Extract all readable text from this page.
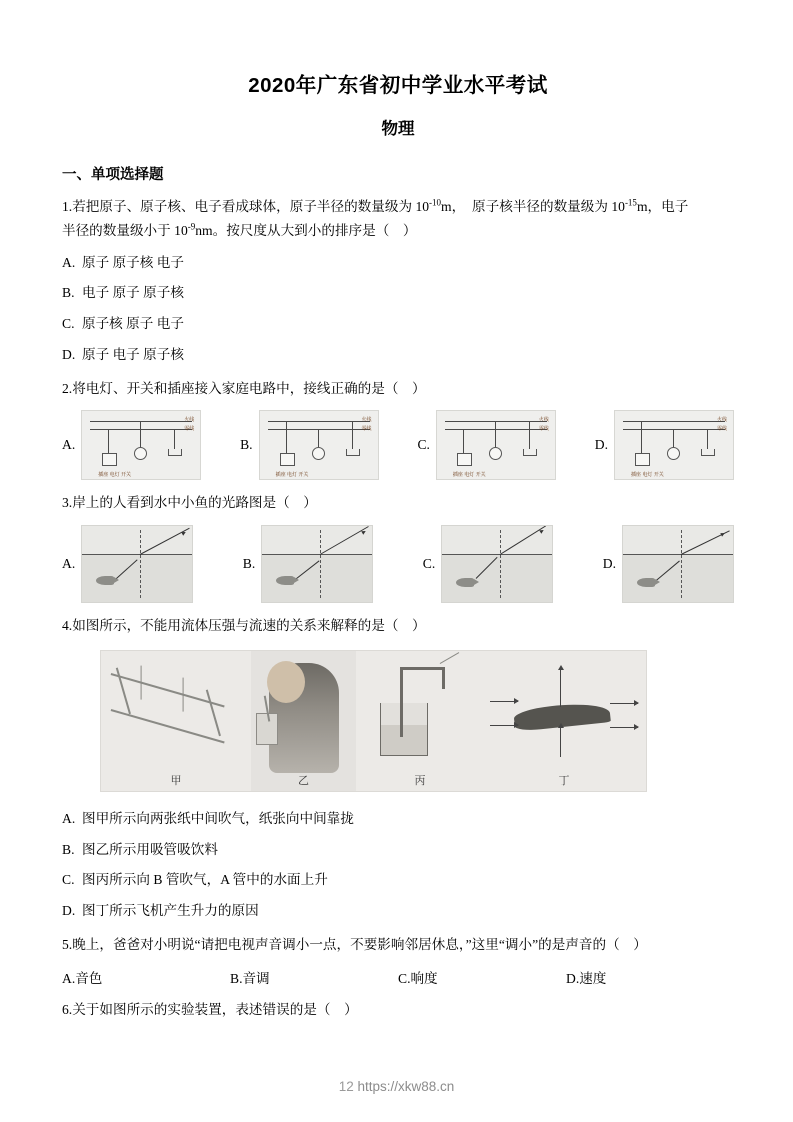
2020年广东省初中学业水平考试
物理
一、单项选择题
1.若把原子、原子核、电子看成球体，原子半径的数量级为 $10^{-10}m$，　原子核半径的数量级为 $10^{-15}m$，电子
半径的数量级小于 $10^{-9}nm$。按尺度从大到小的排序是（　）
A. 原子 原子核 电子
B. 电子 原子 原子核
C. 原子核 原子 电子
D. 原子 电子 原子核
2.将电灯、开关和插座接入家庭电路中，接线正确的是（　）
A.
火线
零线
插座 电灯 开关
B.
火线
零线
插座 电灯 开关
C.
火线
零线
插座 电灯 开关
D.
火线
零线
插座 电灯 开关
3.岸上的人看到水中小鱼的光路图是（　）
A.	B.	C.	D.
4.如图所示，不能用流体压强与流速的关系来解释的是（　）
甲	乙	丙	丁
A. 图甲所示向两张纸中间吹气，纸张向中间靠拢
B. 图乙所示用吸管吸饮料
C. 图丙所示向 B 管吹气，A 管中的水面上升
D. 图丁所示飞机产生升力的原因
5.晚上，爸爸对小明说“请把电视声音调小一点，不要影响邻居休息，”这里“调小”的是声音的（　）
A.音色	B.音调	C.响度	D.速度
6.关于如图所示的实验装置，表述错误的是（　）
12 https://xkw88.cn
